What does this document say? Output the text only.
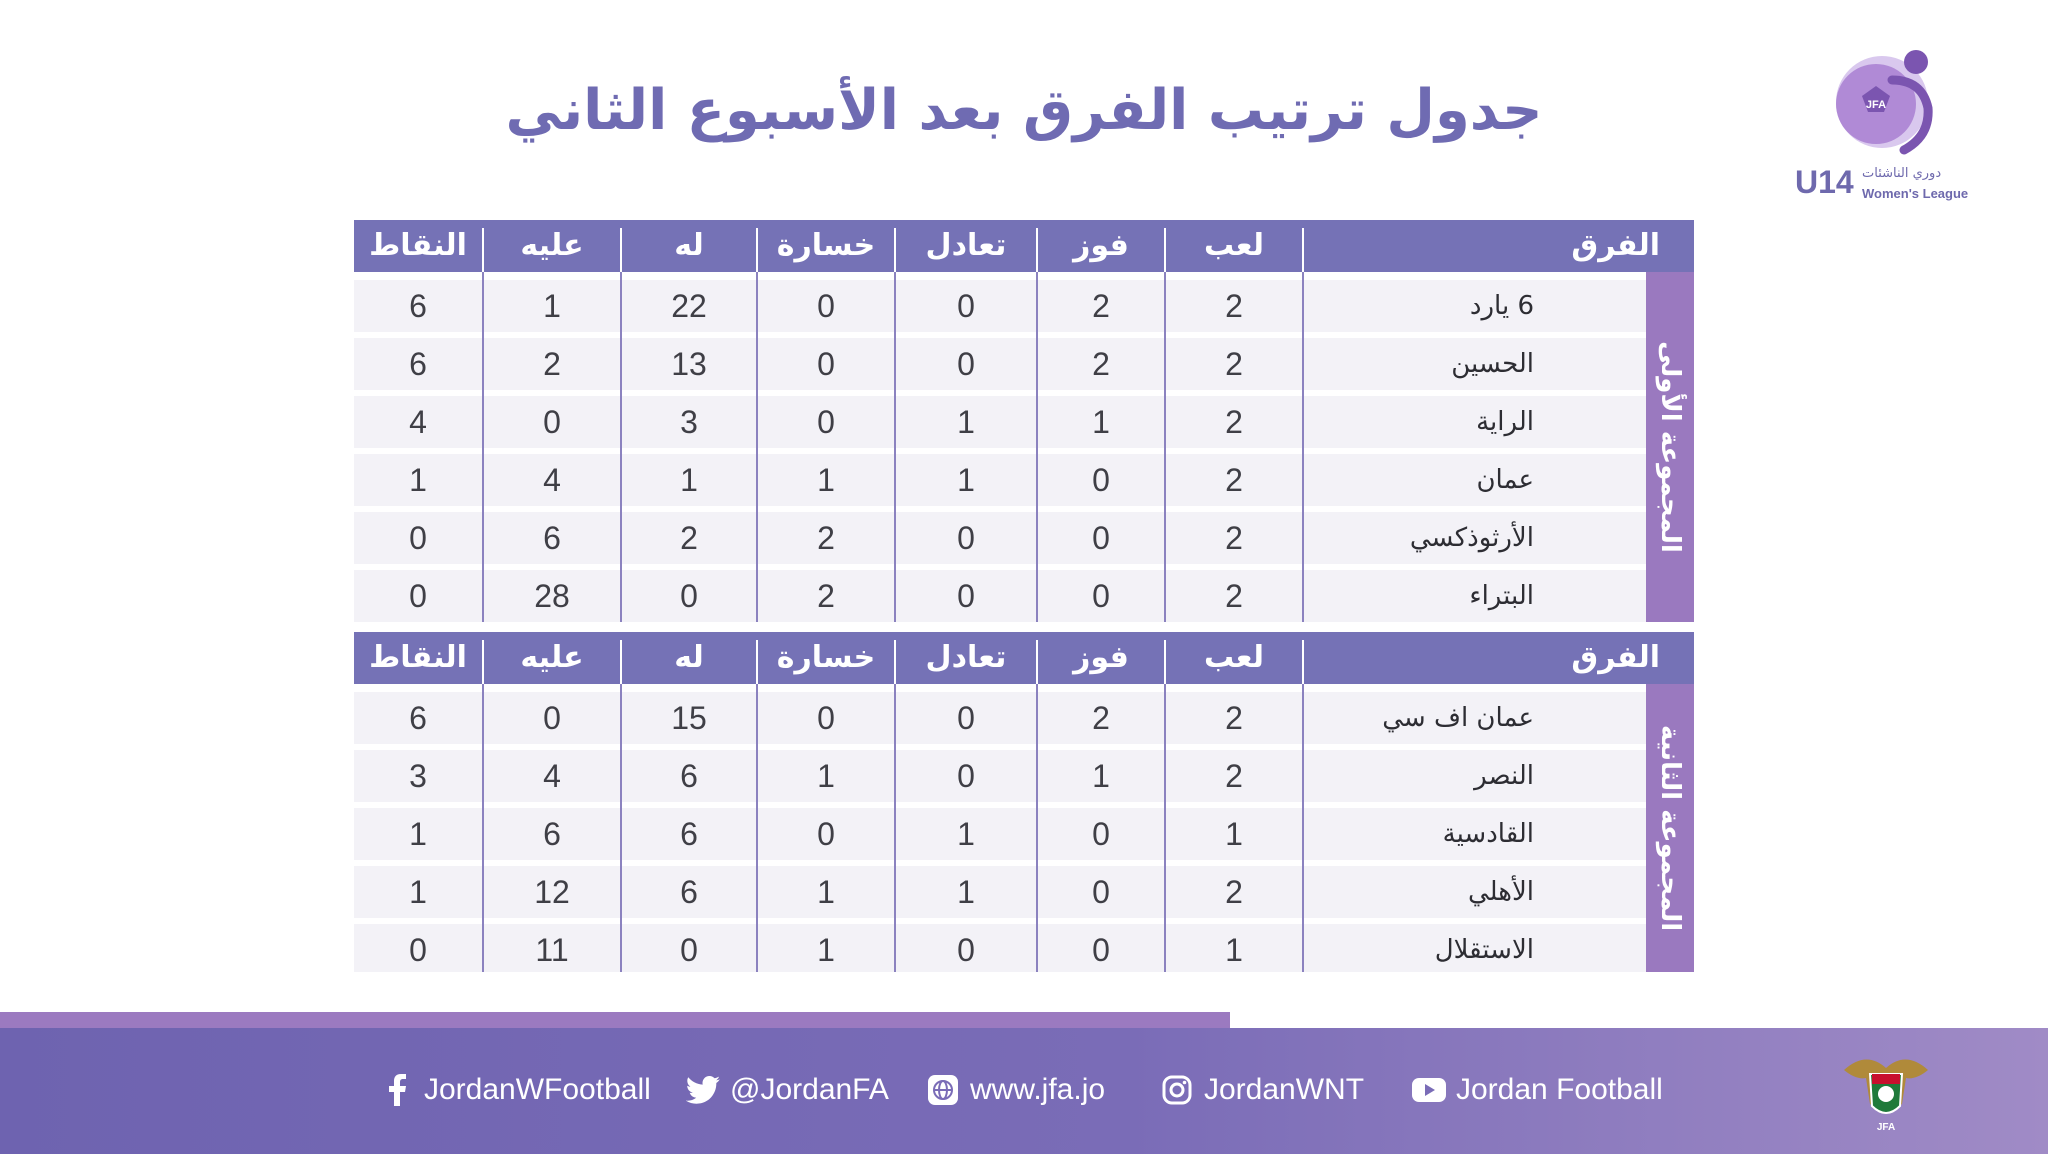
جدول ترتيب الفرق بعد الأسبوع الثاني	JFA
U14 دوري الناشئات
Women's League
النقاط	عليه	له	خسارة	تعادل	فوز	لعب	الفرق
6	1	22	0	0	2	2	6 يارد
6	2	13	0	0	2	2	الحسين
4	0	3	0	1	1	2	الراية
1	4	1	1	1	0	2	عمان
0	6	2	2	0	0	2	الأرثوذكسي
0	28	0	2	0	0	2	البتراء
المجموعة الأولى
النقاط	عليه	له	خسارة	تعادل	فوز	لعب	الفرق
6	0	15	0	0	2	2	عمان اف سي
3	4	6	1	0	1	2	النصر
1	6	6	0	1	0	1	القادسية
1	12	6	1	1	0	2	الأهلي
0	11	0	1	0	0	1	الاستقلال
المجموعة الثانية
JordanWFootball	@JordanFA	www.jfa.jo	JordanWNT	Jordan Football
JFA
